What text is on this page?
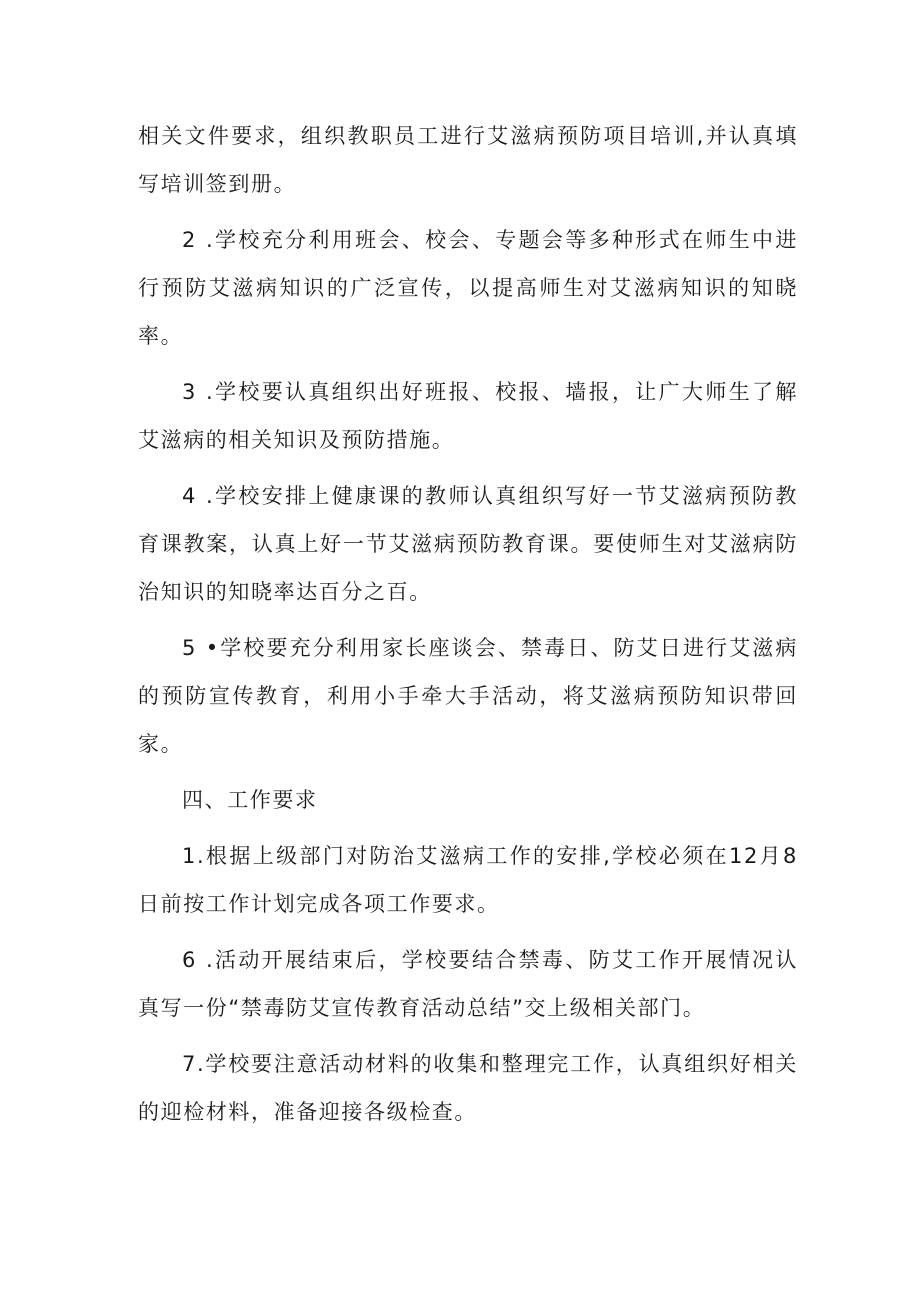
相关文件要求，组织教职员工进行艾滋病预防项目培训,并认真填写培训签到册。

2 .学校充分利用班会、校会、专题会等多种形式在师生中进行预防艾滋病知识的广泛宣传，以提高师生对艾滋病知识的知晓率。

3 .学校要认真组织出好班报、校报、墙报，让广大师生了解艾滋病的相关知识及预防措施。

4 .学校安排上健康课的教师认真组织写好一节艾滋病预防教育课教案，认真上好一节艾滋病预防教育课。要使师生对艾滋病防治知识的知晓率达百分之百。

5 •学校要充分利用家长座谈会、禁毒日、防艾日进行艾滋病的预防宣传教育，利用小手牵大手活动，将艾滋病预防知识带回家。

四、工作要求

1.根据上级部门对防治艾滋病工作的安排,学校必须在12月8日前按工作计划完成各项工作要求。

6 .活动开展结束后，学校要结合禁毒、防艾工作开展情况认真写一份“禁毒防艾宣传教育活动总结”交上级相关部门。

7.学校要注意活动材料的收集和整理完工作，认真组织好相关的迎检材料，准备迎接各级检查。
